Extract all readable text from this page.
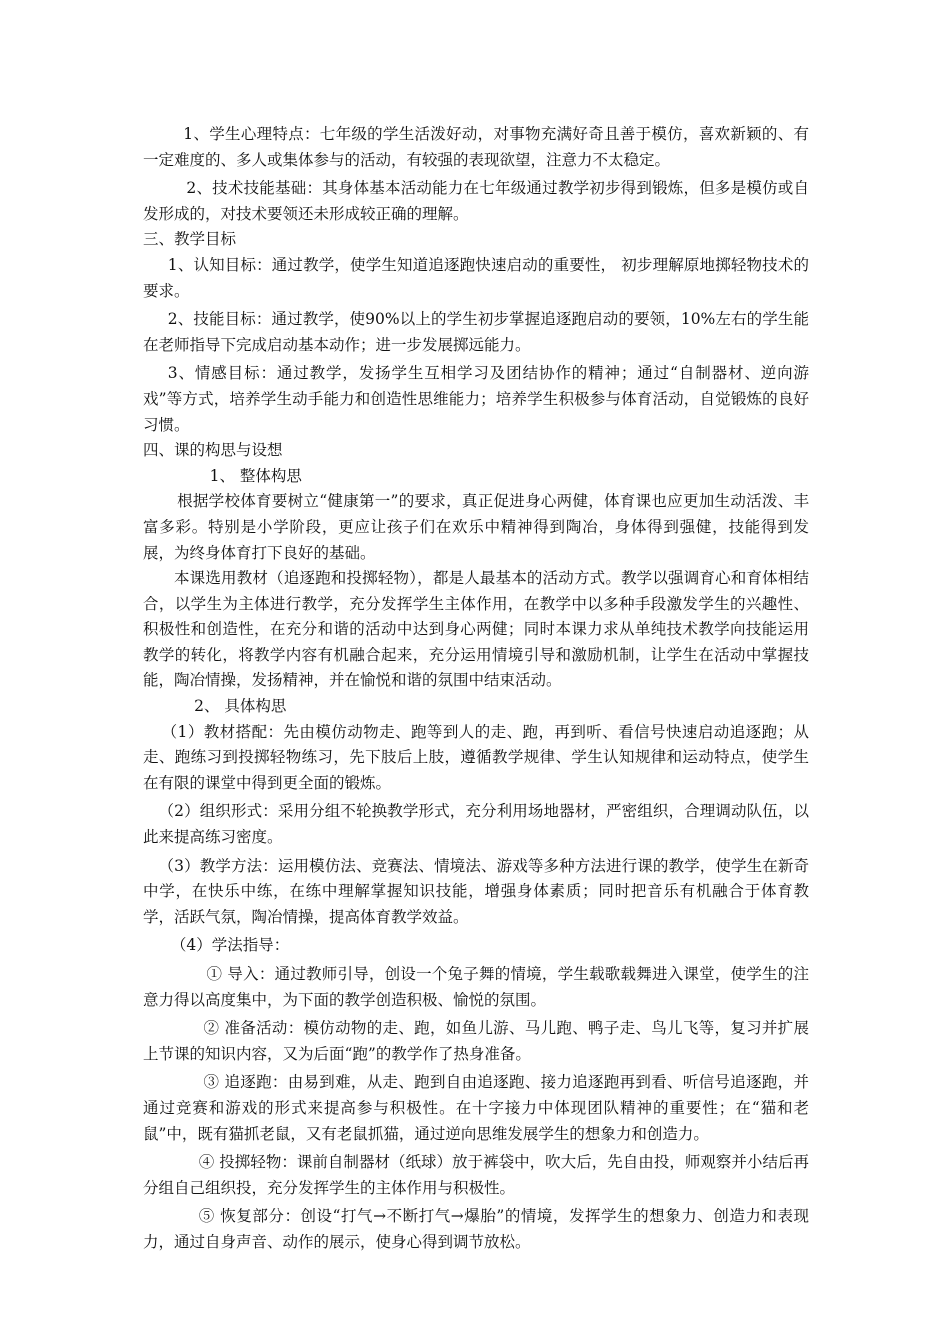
1、学生心理特点：七年级的学生活泼好动，对事物充满好奇且善于模仿，喜欢新颖的、有一定难度的、多人或集体参与的活动，有较强的表现欲望，注意力不太稳定。

2、技术技能基础：其身体基本活动能力在七年级通过教学初步得到锻炼，但多是模仿或自发形成的，对技术要领还未形成较正确的理解。

三、教学目标

1、认知目标：通过教学，使学生知道追逐跑快速启动的重要性， 初步理解原地掷轻物技术的要求。

2、技能目标：通过教学，使90%以上的学生初步掌握追逐跑启动的要领，10%左右的学生能在老师指导下完成启动基本动作；进一步发展掷远能力。

3、情感目标：通过教学，发扬学生互相学习及团结协作的精神；通过“自制器材、逆向游戏”等方式，培养学生动手能力和创造性思维能力；培养学生积极参与体育活动，自觉锻炼的良好习惯。

四、课的构思与设想

1、 整体构思

根据学校体育要树立“健康第一”的要求，真正促进身心两健，体育课也应更加生动活泼、丰富多彩。特别是小学阶段，更应让孩子们在欢乐中精神得到陶冶，身体得到强健，技能得到发展，为终身体育打下良好的基础。

本课选用教材（追逐跑和投掷轻物），都是人最基本的活动方式。教学以强调育心和育体相结合，以学生为主体进行教学，充分发挥学生主体作用，在教学中以多种手段激发学生的兴趣性、积极性和创造性，在充分和谐的活动中达到身心两健；同时本课力求从单纯技术教学向技能运用教学的转化，将教学内容有机融合起来，充分运用情境引导和激励机制，让学生在活动中掌握技能，陶冶情操，发扬精神，并在愉悦和谐的氛围中结束活动。

2、 具体构思

（1）教材搭配：先由模仿动物走、跑等到人的走、跑，再到听、看信号快速启动追逐跑；从走、跑练习到投掷轻物练习，先下肢后上肢，遵循教学规律、学生认知规律和运动特点，使学生在有限的课堂中得到更全面的锻炼。

（2）组织形式：采用分组不轮换教学形式，充分利用场地器材，严密组织，合理调动队伍，以此来提高练习密度。

（3）教学方法：运用模仿法、竞赛法、情境法、游戏等多种方法进行课的教学，使学生在新奇中学，在快乐中练，在练中理解掌握知识技能，增强身体素质；同时把音乐有机融合于体育教学，活跃气氛，陶冶情操，提高体育教学效益。

（4）学法指导：

① 导入：通过教师引导，创设一个兔子舞的情境，学生载歌载舞进入课堂，使学生的注意力得以高度集中，为下面的教学创造积极、愉悦的氛围。

② 准备活动：模仿动物的走、跑，如鱼儿游、马儿跑、鸭子走、鸟儿飞等，复习并扩展上节课的知识内容，又为后面“跑”的教学作了热身准备。

③ 追逐跑：由易到难，从走、跑到自由追逐跑、接力追逐跑再到看、听信号追逐跑，并通过竞赛和游戏的形式来提高参与积极性。在十字接力中体现团队精神的重要性；在“猫和老鼠”中，既有猫抓老鼠，又有老鼠抓猫，通过逆向思维发展学生的想象力和创造力。

④ 投掷轻物：课前自制器材（纸球）放于裤袋中，吹大后，先自由投，师观察并小结后再分组自己组织投，充分发挥学生的主体作用与积极性。

⑤ 恢复部分：创设“打气→不断打气→爆胎”的情境，发挥学生的想象力、创造力和表现力，通过自身声音、动作的展示，使身心得到调节放松。
